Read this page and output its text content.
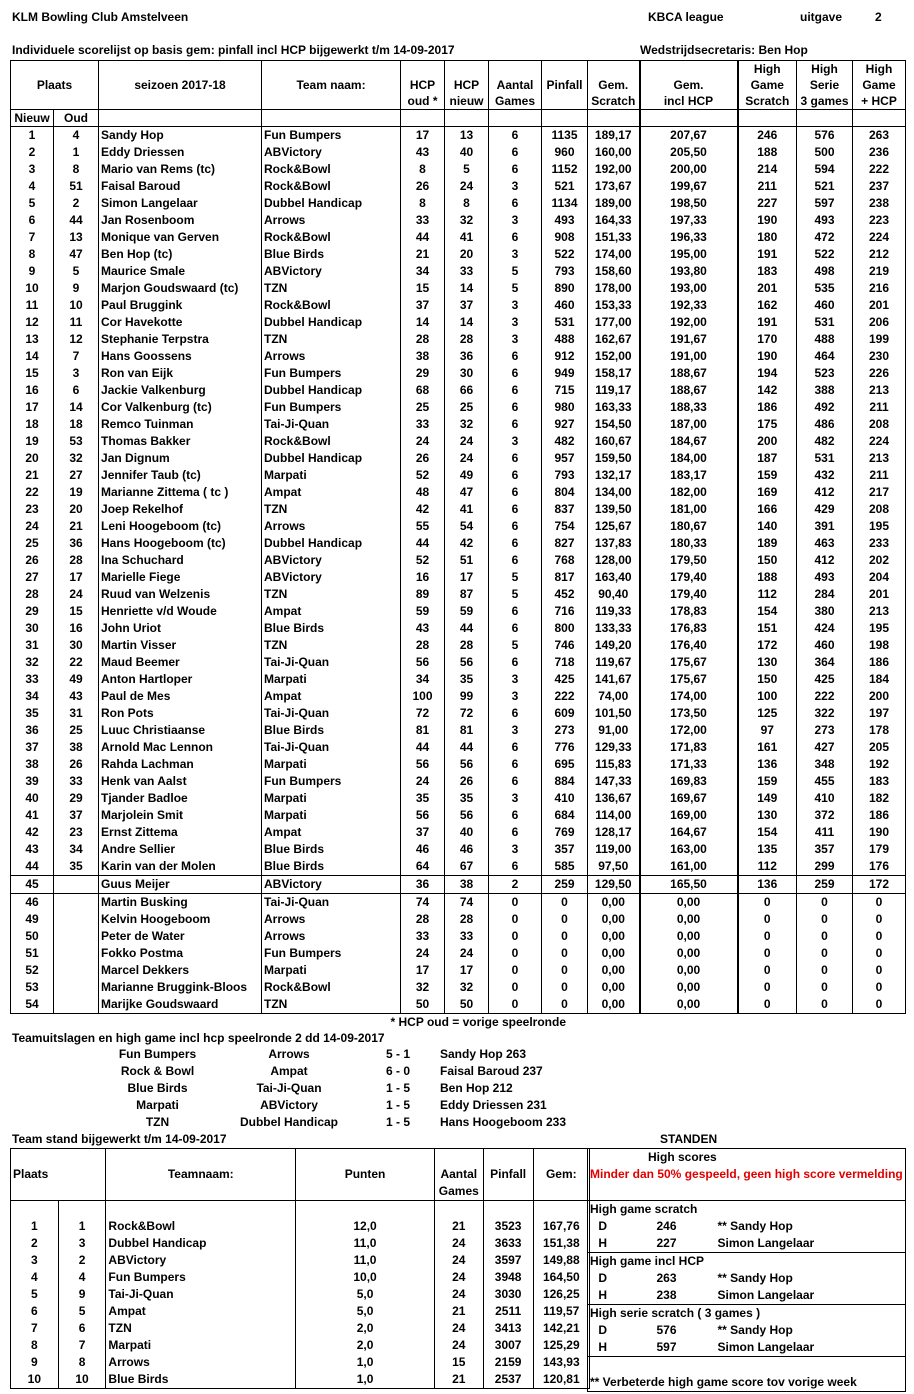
KLM Bowling Club Amstelveen	KBCA league	uitgave	2
Individuele scorelijst op basis gem: pinfall incl HCP bijgewerkt t/m 14-09-2017	Wedstrijdsecretaris: Ben Hop
Plaats		seizoen 2017-18	Team naam:							High	High	High
				HCP	HCP	Aantal	Pinfall	Gem.	Gem.	Game	Serie	Game
				oud *	nieuw	Games		Scratch	incl HCP	Scratch	3 games	+ HCP
Nieuw	Oud											
1	4	Sandy Hop	Fun Bumpers	17	13	6	1135	189,17	207,67	246	576	263
2	1	Eddy Driessen	ABVictory	43	40	6	960	160,00	205,50	188	500	236
3	8	Mario van Rems (tc)	Rock&Bowl	8	5	6	1152	192,00	200,00	214	594	222
4	51	Faisal Baroud	Rock&Bowl	26	24	3	521	173,67	199,67	211	521	237
5	2	Simon Langelaar	Dubbel Handicap	8	8	6	1134	189,00	198,50	227	597	238
6	44	Jan Rosenboom	Arrows	33	32	3	493	164,33	197,33	190	493	223
7	13	Monique van Gerven	Rock&Bowl	44	41	6	908	151,33	196,33	180	472	224
8	47	Ben Hop (tc)	Blue Birds	21	20	3	522	174,00	195,00	191	522	212
9	5	Maurice Smale	ABVictory	34	33	5	793	158,60	193,80	183	498	219
10	9	Marjon Goudswaard (tc)	TZN	15	14	5	890	178,00	193,00	201	535	216
11	10	Paul Bruggink	Rock&Bowl	37	37	3	460	153,33	192,33	162	460	201
12	11	Cor Havekotte	Dubbel Handicap	14	14	3	531	177,00	192,00	191	531	206
13	12	Stephanie Terpstra	TZN	28	28	3	488	162,67	191,67	170	488	199
14	7	Hans Goossens	Arrows	38	36	6	912	152,00	191,00	190	464	230
15	3	Ron van Eijk	Fun Bumpers	29	30	6	949	158,17	188,67	194	523	226
16	6	Jackie Valkenburg	Dubbel Handicap	68	66	6	715	119,17	188,67	142	388	213
17	14	Cor Valkenburg (tc)	Fun Bumpers	25	25	6	980	163,33	188,33	186	492	211
18	18	Remco Tuinman	Tai-Ji-Quan	33	32	6	927	154,50	187,00	175	486	208
19	53	Thomas Bakker	Rock&Bowl	24	24	3	482	160,67	184,67	200	482	224
20	32	Jan Dignum	Dubbel Handicap	26	24	6	957	159,50	184,00	187	531	213
21	27	Jennifer Taub (tc)	Marpati	52	49	6	793	132,17	183,17	159	432	211
22	19	Marianne Zittema ( tc )	Ampat	48	47	6	804	134,00	182,00	169	412	217
23	20	Joep Rekelhof	TZN	42	41	6	837	139,50	181,00	166	429	208
24	21	Leni Hoogeboom (tc)	Arrows	55	54	6	754	125,67	180,67	140	391	195
25	36	Hans Hoogeboom (tc)	Dubbel Handicap	44	42	6	827	137,83	180,33	189	463	233
26	28	Ina Schuchard	ABVictory	52	51	6	768	128,00	179,50	150	412	202
27	17	Marielle Fiege	ABVictory	16	17	5	817	163,40	179,40	188	493	204
28	24	Ruud van Welzenis	TZN	89	87	5	452	90,40	179,40	112	284	201
29	15	Henriette v/d Woude	Ampat	59	59	6	716	119,33	178,83	154	380	213
30	16	John Uriot	Blue Birds	43	44	6	800	133,33	176,83	151	424	195
31	30	Martin Visser	TZN	28	28	5	746	149,20	176,40	172	460	198
32	22	Maud Beemer	Tai-Ji-Quan	56	56	6	718	119,67	175,67	130	364	186
33	49	Anton Hartloper	Marpati	34	35	3	425	141,67	175,67	150	425	184
34	43	Paul de Mes	Ampat	100	99	3	222	74,00	174,00	100	222	200
35	31	Ron Pots	Tai-Ji-Quan	72	72	6	609	101,50	173,50	125	322	197
36	25	Luuc Christiaanse	Blue Birds	81	81	3	273	91,00	172,00	97	273	178
37	38	Arnold Mac Lennon	Tai-Ji-Quan	44	44	6	776	129,33	171,83	161	427	205
38	26	Rahda Lachman	Marpati	56	56	6	695	115,83	171,33	136	348	192
39	33	Henk van Aalst	Fun Bumpers	24	26	6	884	147,33	169,83	159	455	183
40	29	Tjander Badloe	Marpati	35	35	3	410	136,67	169,67	149	410	182
41	37	Marjolein Smit	Marpati	56	56	6	684	114,00	169,00	130	372	186
42	23	Ernst Zittema	Ampat	37	40	6	769	128,17	164,67	154	411	190
43	34	Andre Sellier	Blue Birds	46	46	3	357	119,00	163,00	135	357	179
44	35	Karin van der Molen	Blue Birds	64	67	6	585	97,50	161,00	112	299	176
45		Guus Meijer	ABVictory	36	38	2	259	129,50	165,50	136	259	172
46		Martin Busking	Tai-Ji-Quan	74	74	0	0	0,00	0,00	0	0	0
49		Kelvin Hoogeboom	Arrows	28	28	0	0	0,00	0,00	0	0	0
50		Peter de Water	Arrows	33	33	0	0	0,00	0,00	0	0	0
51		Fokko Postma	Fun Bumpers	24	24	0	0	0,00	0,00	0	0	0
52		Marcel Dekkers	Marpati	17	17	0	0	0,00	0,00	0	0	0
53		Marianne Bruggink-Bloos	Rock&Bowl	32	32	0	0	0,00	0,00	0	0	0
54		Marijke Goudswaard	TZN	50	50	0	0	0,00	0,00	0	0	0
* HCP oud = vorige speelronde												
Teamuitslagen en high game incl hcp speelronde 2 dd 14-09-2017
Fun Bumpers	Arrows	5 - 1	Sandy Hop 263
Rock & Bowl	Ampat	6 - 0	Faisal Baroud 237
Blue Birds	Tai-Ji-Quan	1 - 5	Ben Hop 212
Marpati	ABVictory	1 - 5	Eddy Driessen 231
TZN	Dubbel Handicap	1 - 5	Hans Hoogeboom 233
Team stand bijgewerkt t/m 14-09-2017	STANDEN

Plaats		Teamnaam:	Punten	Aantal	Pinfall	Gem:
				Games		

1	1	Rock&Bowl	12,0	21	3523	167,76
2	3	Dubbel Handicap	11,0	24	3633	151,38
3	2	ABVictory	11,0	24	3597	149,88
4	4	Fun Bumpers	10,0	24	3948	164,50
5	9	Tai-Ji-Quan	5,0	24	3030	126,25
6	5	Ampat	5,0	21	2511	119,57
7	6	TZN	2,0	24	3413	142,21
8	7	Marpati	2,0	24	3007	125,29
9	8	Arrows	1,0	15	2159	143,93
10	10	Blue Birds	1,0	21	2537	120,81
High scores		
Minder dan 50% gespeeld, geen high score vermelding		

High game scratch		
D	246	** Sandy Hop
H	227	Simon Langelaar
High game incl HCP		
D	263	** Sandy Hop
H	238	Simon Langelaar
High serie scratch ( 3 games )		
D	576	** Sandy Hop
H	597	Simon Langelaar

** Verbeterde high game score tov vorige week		
